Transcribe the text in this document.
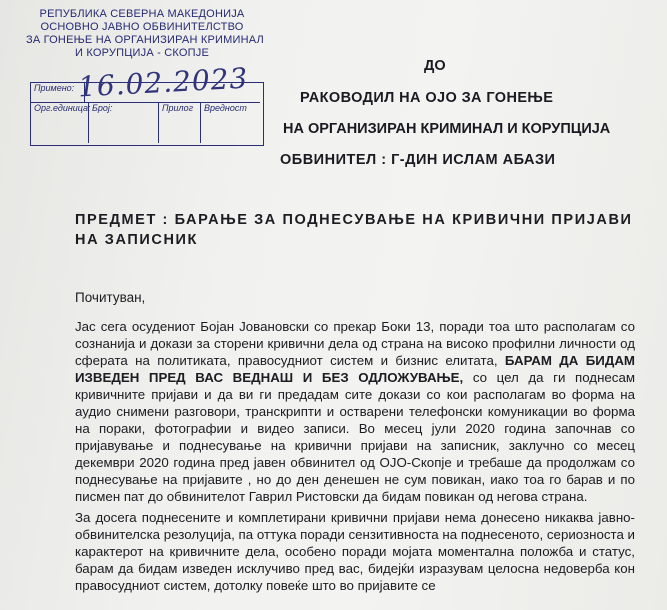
РЕПУБЛИКА СЕВЕРНА МАКЕДОНИЈА
ОСНОВНО ЈАВНО ОБВИНИТЕЛСТВО
ЗА ГОНЕЊЕ НА ОРГАНИЗИРАН КРИМИНАЛ
И КОРУПЦИЈА - СКОПЈЕ
Примено:
Орг.единица: Број:	Прилог	Вредност
16.02.2023	ДО
РАКОВОДИЛ НА ОЈО ЗА ГОНЕЊЕ
НА ОРГАНИЗИРАН КРИМИНАЛ И КОРУПЦИЈА
ОБВИНИТЕЛ : Г-ДИН ИСЛАМ АБАЗИ
ПРЕДМЕТ : БАРАЊЕ ЗА ПОДНЕСУВАЊЕ НА КРИВИЧНИ ПРИЈАВИ НА ЗАПИСНИК
Почитуван,

Јас сега осудениот Бојан Јовановски со прекар Боки 13, поради тоа што располагам со сознанија и докази за сторени кривични дела од страна на високо профилни личности од сферата на политиката, правосудниот систем и бизнис елитата, БАРАМ ДА БИДАМ ИЗВЕДЕН ПРЕД ВАС ВЕДНАШ И БЕЗ ОДЛОЖУВАЊЕ, со цел да ги поднесам кривичните пријави и да ви ги предадам сите докази со кои располагам во форма на аудио снимени разговори, транскрипти и остварени телефонски комуникации во форма на пораки, фотографии и видео записи. Во месец јули 2020 година започнав со пријавување и поднесување на кривични пријави на записник, заклучно со месец декември 2020 година пред јавен обвинител од ОЈО-Скопје и требаше да продолжам со поднесување на пријавите , но до ден денешен не сум повикан, иако тоа го барав и по писмен пат до обвинителот Гаврил Ристовски да бидам повикан од негова страна.

За досега поднесените и комплетирани кривични пријави нема донесено никаква јавно-обвинителска резолуција, па оттука поради сензитивноста на поднесеното, сериозноста и карактерот на кривичните дела, особено поради мојата моментална положба и статус, барам да бидам изведен исклучиво пред вас, бидејќи изразувам целосна недоверба кон правосудниот систем, дотолку повеќе што во пријавите се
